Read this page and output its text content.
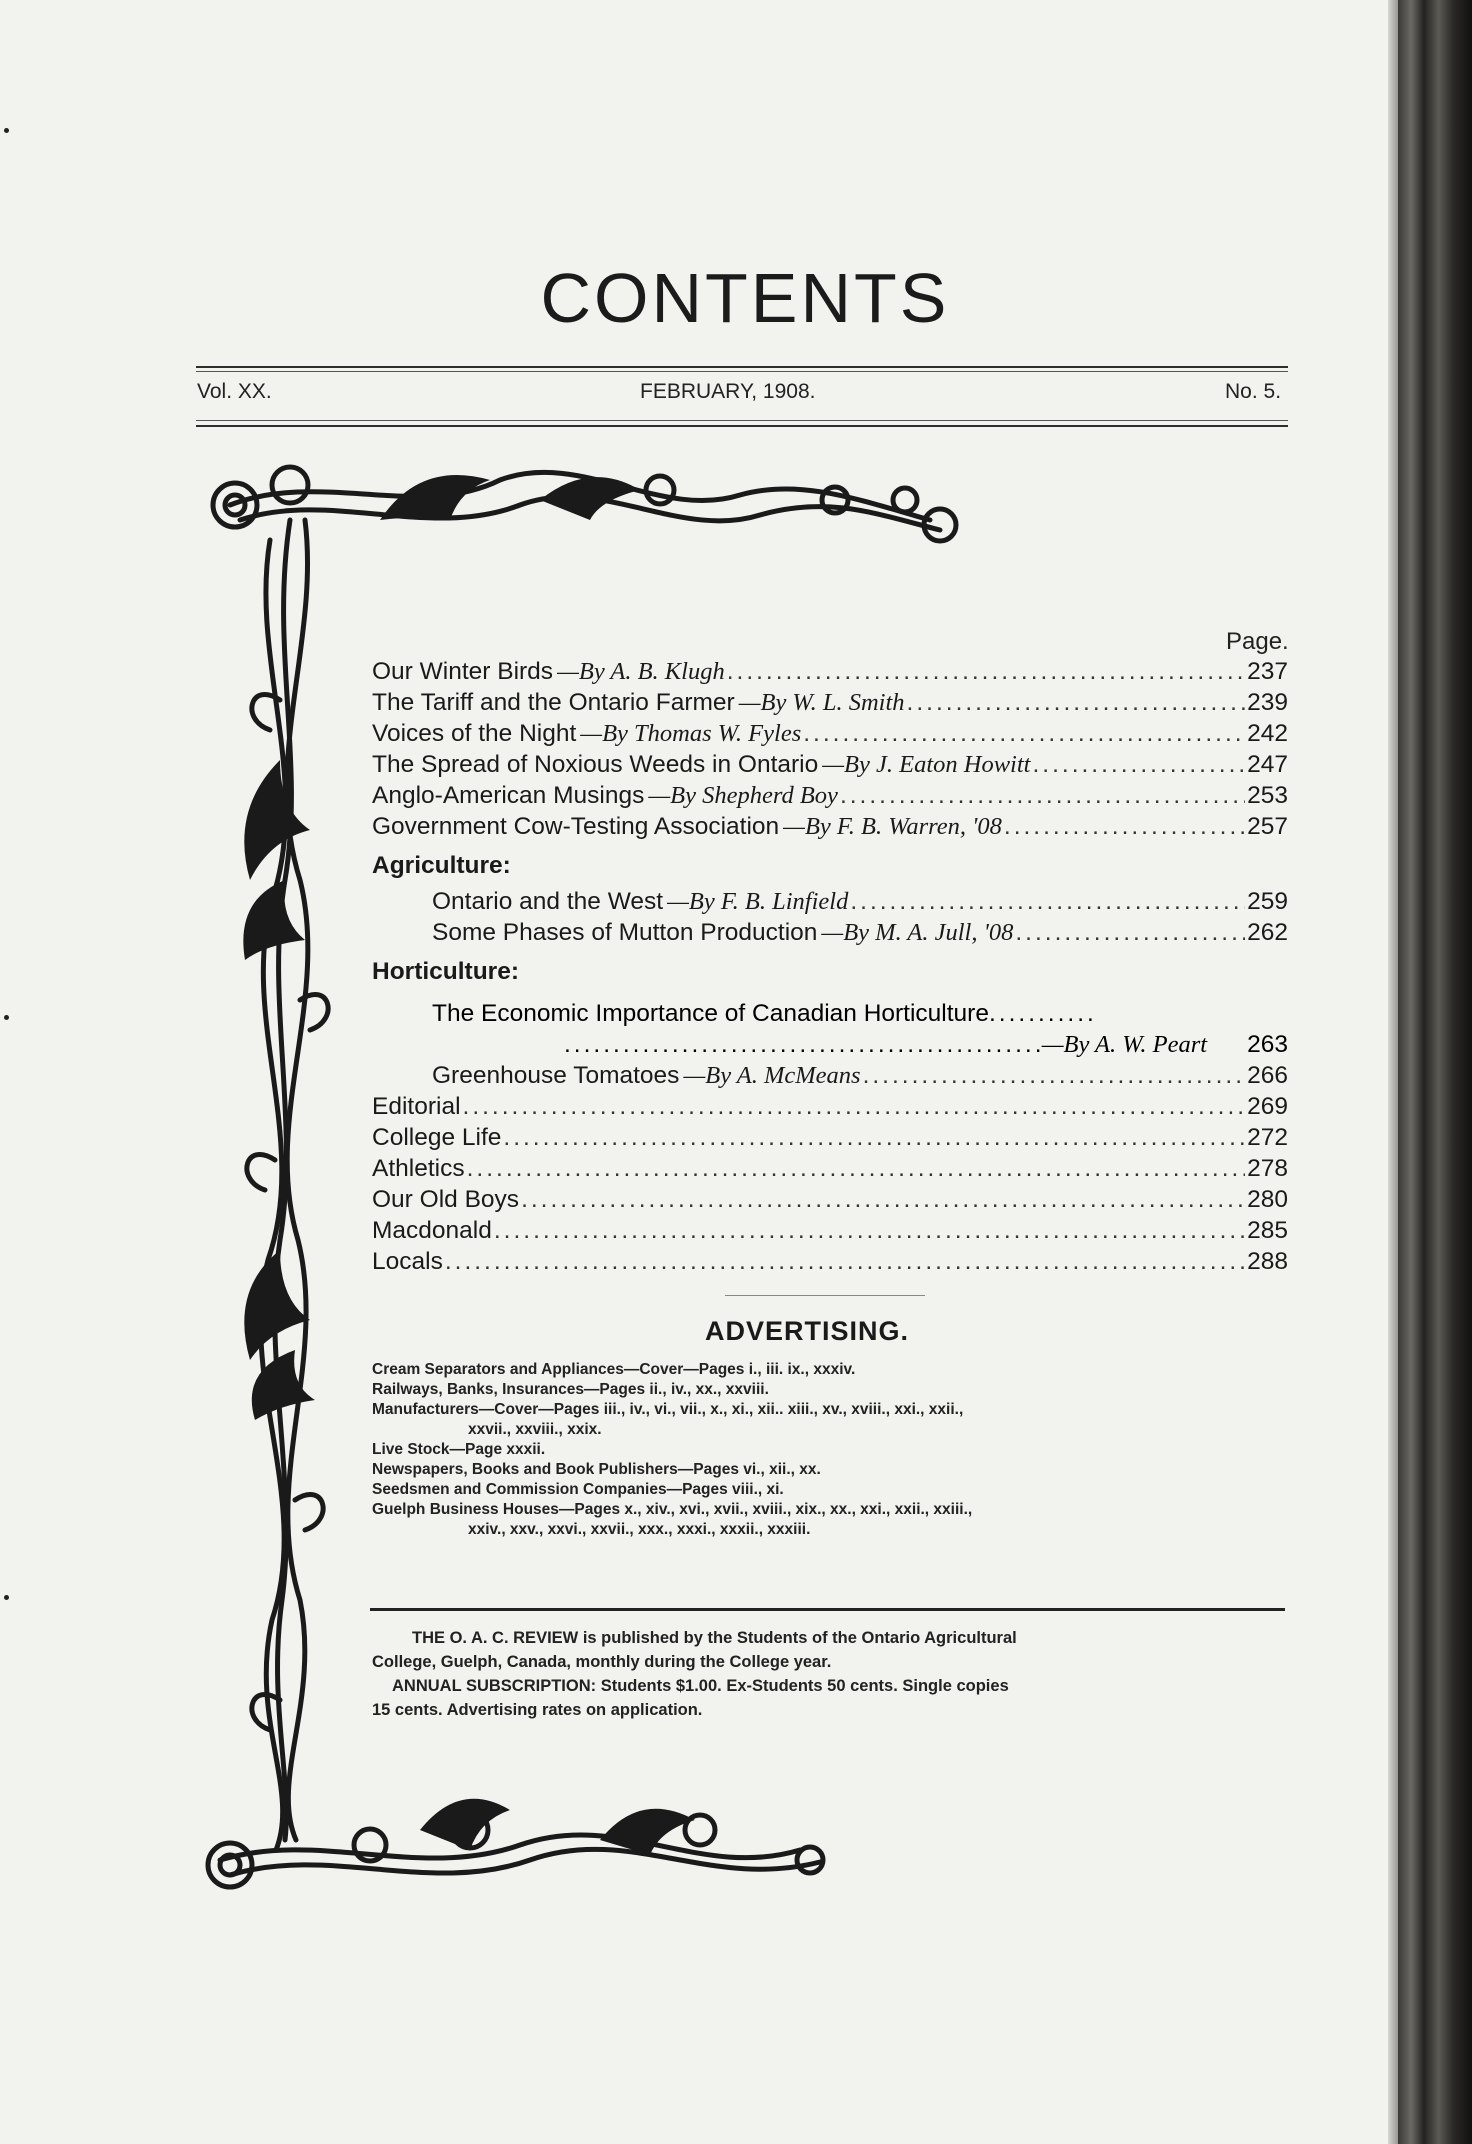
CONTENTS
Vol. XX.	FEBRUARY, 1908.	No. 5.
Page.
Our Winter Birds —By A. B. Klugh .....	237
The Tariff and the Ontario Farmer —By W. L. Smith .....	239
Voices of the Night —By Thomas W. Fyles .....	242
The Spread of Noxious Weeds in Ontario —By J. Eaton Howitt .....	247
Anglo-American Musings —By Shepherd Boy .....	253
Government Cow-Testing Association —By F. B. Warren, '08 .....	257
Agriculture:
Ontario and the West —By F. B. Linfield .....	259
Some Phases of Mutton Production —By M. A. Jull, '08 .....	262
Horticulture:
The Economic Importance of Canadian Horticulture...........
.....
—By A. W. Peart 263
Greenhouse Tomatoes —By A. McMeans .....	266
Editorial .....	269
College Life .....	272
Athletics .....	278
Our Old Boys .....	280
Macdonald .....	285
Locals .....	288
ADVERTISING.
Cream Separators and Appliances—Cover—Pages i., iii. ix., xxxiv.
Railways, Banks, Insurances—Pages ii., iv., xx., xxviii.
Manufacturers—Cover—Pages iii., iv., vi., vii., x., xi., xii.. xiii., xv., xviii., xxi., xxii.,
xxvii., xxviii., xxix.
Live Stock—Page xxxii.
Newspapers, Books and Book Publishers—Pages vi., xii., xx.
Seedsmen and Commission Companies—Pages viii., xi.
Guelph Business Houses—Pages x., xiv., xvi., xvii., xviii., xix., xx., xxi., xxii., xxiii.,
xxiv., xxv., xxvi., xxvii., xxx., xxxi., xxxii., xxxiii.
THE O. A. C. REVIEW is published by the Students of the Ontario Agricultural
College, Guelph, Canada, monthly during the College year.
ANNUAL SUBSCRIPTION: Students $1.00. Ex-Students 50 cents. Single copies
15 cents. Advertising rates on application.
